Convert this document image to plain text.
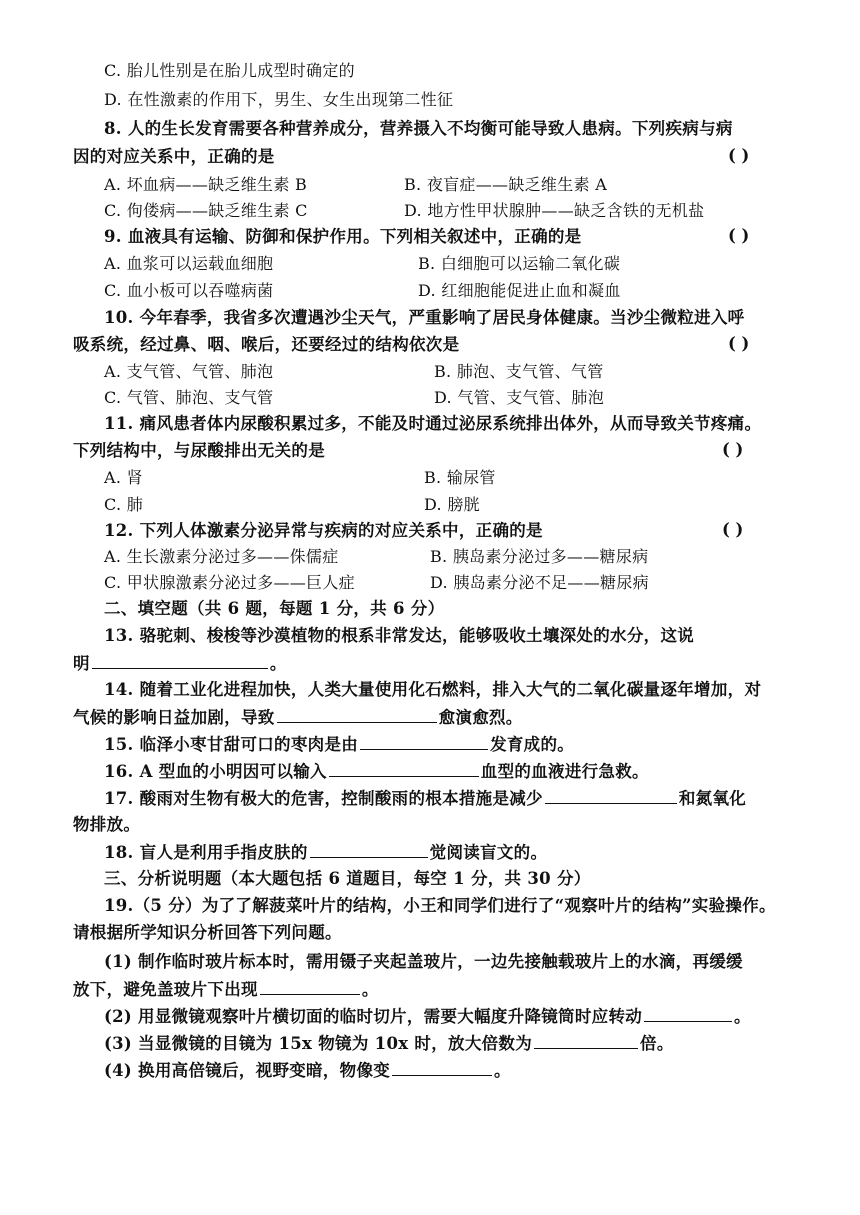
C. 胎儿性别是在胎儿成型时确定的
D. 在性激素的作用下，男生、女生出现第二性征
8. 人的生长发育需要各种营养成分，营养摄入不均衡可能导致人患病。下列疾病与病
因的对应关系中，正确的是	( )
A. 坏血病——缺乏维生素 B	B. 夜盲症——缺乏维生素 A
C. 佝偻病——缺乏维生素 C	D. 地方性甲状腺肿——缺乏含铁的无机盐
9. 血液具有运输、防御和保护作用。下列相关叙述中，正确的是	( )
A. 血浆可以运载血细胞	B. 白细胞可以运输二氧化碳
C. 血小板可以吞噬病菌	D. 红细胞能促进止血和凝血
10. 今年春季，我省多次遭遇沙尘天气，严重影响了居民身体健康。当沙尘微粒进入呼
吸系统，经过鼻、咽、喉后，还要经过的结构依次是	( )
A. 支气管、气管、肺泡	B. 肺泡、支气管、气管
C. 气管、肺泡、支气管	D. 气管、支气管、肺泡
11. 痛风患者体内尿酸积累过多，不能及时通过泌尿系统排出体外，从而导致关节疼痛。
下列结构中，与尿酸排出无关的是	( )
A. 肾	B. 输尿管
C. 肺	D. 膀胱
12. 下列人体激素分泌异常与疾病的对应关系中，正确的是	( )
A. 生长激素分泌过多——侏儒症	B. 胰岛素分泌过多——糖尿病
C. 甲状腺激素分泌过多——巨人症	D. 胰岛素分泌不足——糖尿病
二、填空题（共 6 题，每题 1 分，共 6 分）
13. 骆驼刺、梭梭等沙漠植物的根系非常发达，能够吸收土壤深处的水分，这说
明	。
14. 随着工业化进程加快，人类大量使用化石燃料，排入大气的二氧化碳量逐年增加，对
气候的影响日益加剧，导致	愈演愈烈。
15. 临泽小枣甘甜可口的枣肉是由	发育成的。
16. A 型血的小明因可以输入	血型的血液进行急救。
17. 酸雨对生物有极大的危害，控制酸雨的根本措施是减少	和氮氧化
物排放。
18. 盲人是利用手指皮肤的	觉阅读盲文的。
三、分析说明题（本大题包括 6 道题目，每空 1 分，共 30 分）
19.（5 分）为了了解菠菜叶片的结构，小王和同学们进行了“观察叶片的结构”实验操作。
请根据所学知识分析回答下列问题。
(1) 制作临时玻片标本时，需用镊子夹起盖玻片，一边先接触载玻片上的水滴，再缓缓
放下，避免盖玻片下出现	。
(2) 用显微镜观察叶片横切面的临时切片，需要大幅度升降镜筒时应转动	。
(3) 当显微镜的目镜为 15x 物镜为 10x 时，放大倍数为	倍。
(4) 换用高倍镜后，视野变暗，物像变	。
